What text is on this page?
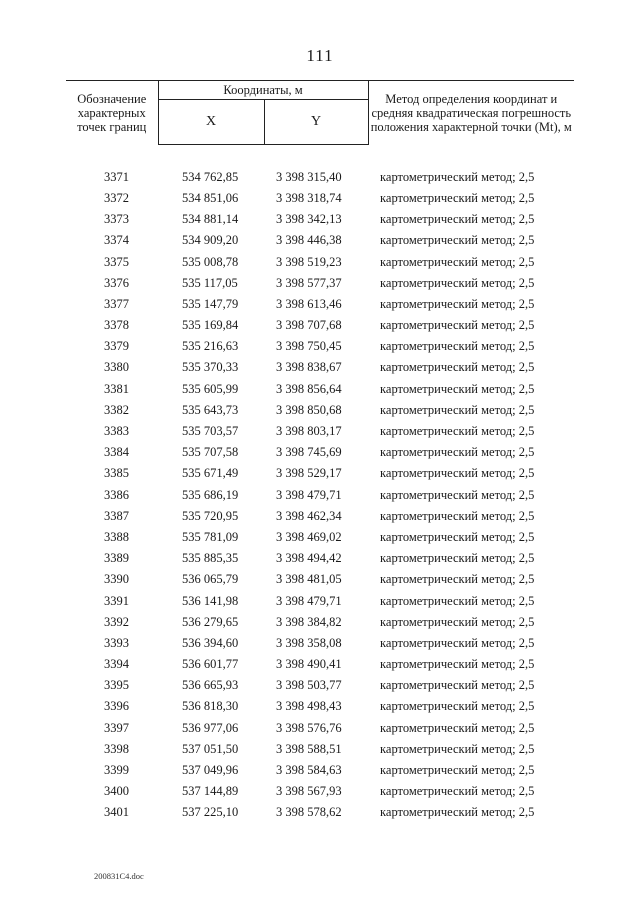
111
Обозначение характерных точек границ	Координаты, м		Метод определения координат и средняя квадратическая погрешность положения характерной точки (Mt), м
	X	Y	

3371	534 762,85	3 398 315,40	картометрический метод; 2,5
3372	534 851,06	3 398 318,74	картометрический метод; 2,5
3373	534 881,14	3 398 342,13	картометрический метод; 2,5
3374	534 909,20	3 398 446,38	картометрический метод; 2,5
3375	535 008,78	3 398 519,23	картометрический метод; 2,5
3376	535 117,05	3 398 577,37	картометрический метод; 2,5
3377	535 147,79	3 398 613,46	картометрический метод; 2,5
3378	535 169,84	3 398 707,68	картометрический метод; 2,5
3379	535 216,63	3 398 750,45	картометрический метод; 2,5
3380	535 370,33	3 398 838,67	картометрический метод; 2,5
3381	535 605,99	3 398 856,64	картометрический метод; 2,5
3382	535 643,73	3 398 850,68	картометрический метод; 2,5
3383	535 703,57	3 398 803,17	картометрический метод; 2,5
3384	535 707,58	3 398 745,69	картометрический метод; 2,5
3385	535 671,49	3 398 529,17	картометрический метод; 2,5
3386	535 686,19	3 398 479,71	картометрический метод; 2,5
3387	535 720,95	3 398 462,34	картометрический метод; 2,5
3388	535 781,09	3 398 469,02	картометрический метод; 2,5
3389	535 885,35	3 398 494,42	картометрический метод; 2,5
3390	536 065,79	3 398 481,05	картометрический метод; 2,5
3391	536 141,98	3 398 479,71	картометрический метод; 2,5
3392	536 279,65	3 398 384,82	картометрический метод; 2,5
3393	536 394,60	3 398 358,08	картометрический метод; 2,5
3394	536 601,77	3 398 490,41	картометрический метод; 2,5
3395	536 665,93	3 398 503,77	картометрический метод; 2,5
3396	536 818,30	3 398 498,43	картометрический метод; 2,5
3397	536 977,06	3 398 576,76	картометрический метод; 2,5
3398	537 051,50	3 398 588,51	картометрический метод; 2,5
3399	537 049,96	3 398 584,63	картометрический метод; 2,5
3400	537 144,89	3 398 567,93	картометрический метод; 2,5
3401	537 225,10	3 398 578,62	картометрический метод; 2,5
200831C4.doc
